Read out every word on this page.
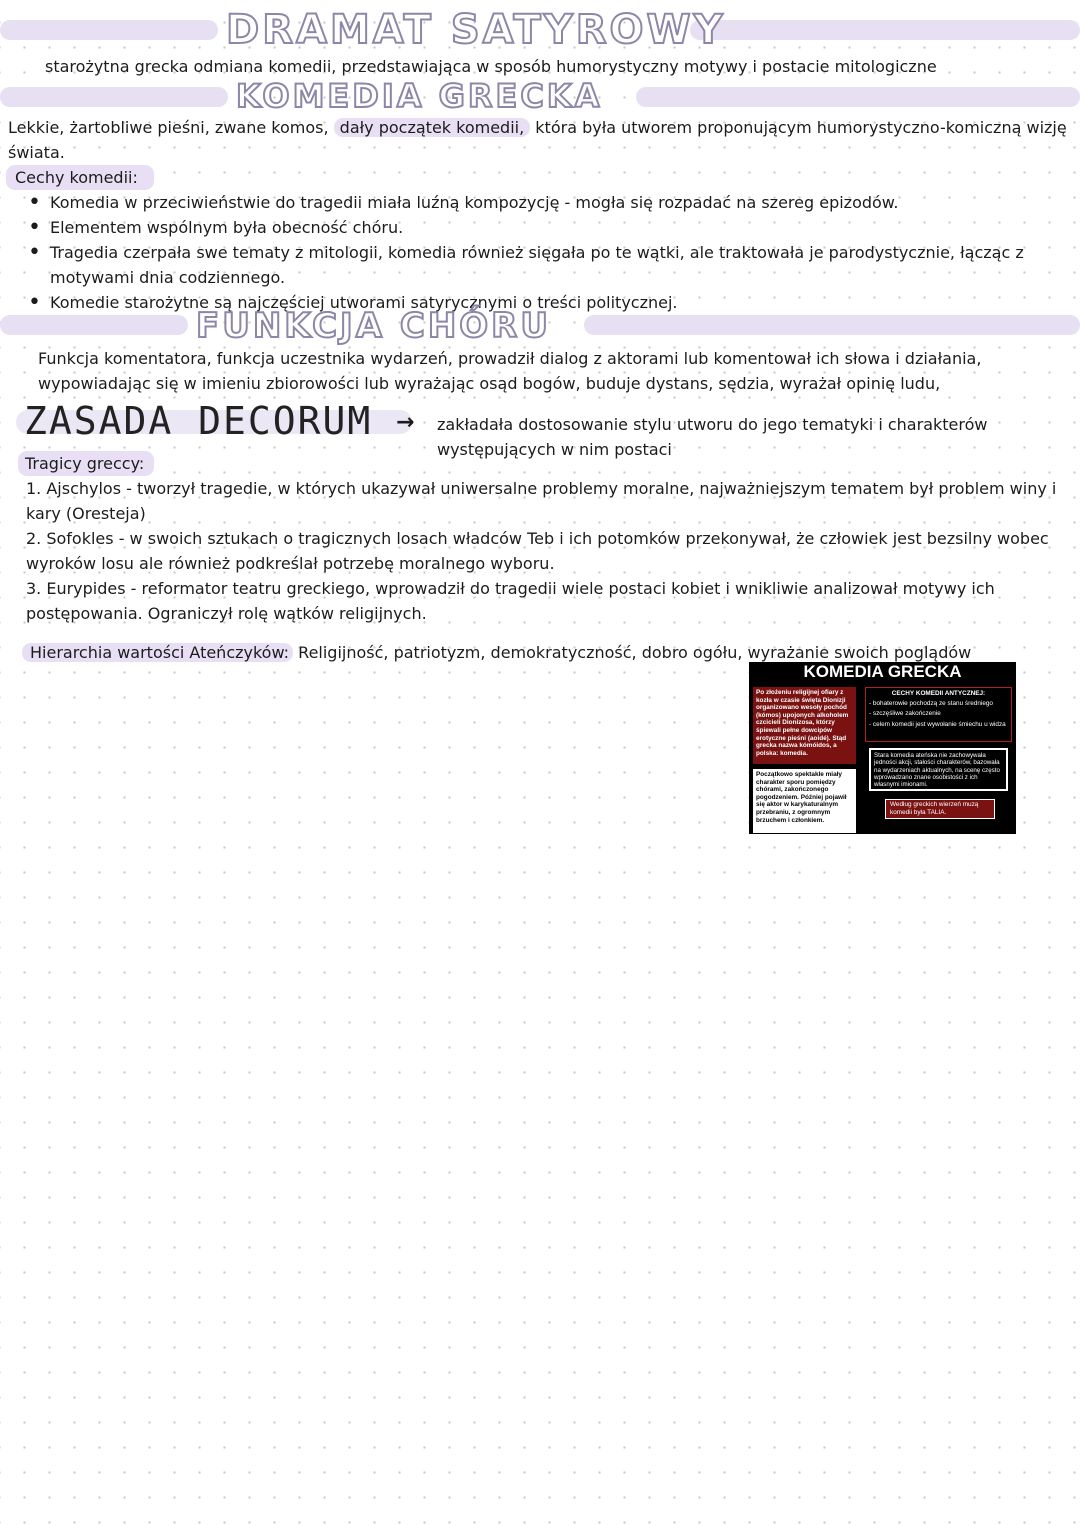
DRAMAT SATYROWY
starożytna grecka odmiana komedii, przedstawiająca w sposób humorystyczny motywy i postacie mitologiczne
KOMEDIA GRECKA
Lekkie, żartobliwe pieśni, zwane komos, dały początek komedii, która była utworem proponującym humorystyczno-komiczną wizję świata.
Cechy komedii:
• Komedia w przeciwieństwie do tragedii miała luźną kompozycję - mogła się rozpadać na szereg epizodów.
• Elementem wspólnym była obecność chóru.
• Tragedia czerpała swe tematy z mitologii, komedia również sięgała po te wątki, ale traktowała je parodystycznie, łącząc z motywami dnia codziennego.
• Komedie starożytne są najczęściej utworami satyrycznymi o treści politycznej.
FUNKCJA CHÓRU
Funkcja komentatora, funkcja uczestnika wydarzeń, prowadził dialog z aktorami lub komentował ich słowa i działania, wypowiadając się w imieniu zbiorowości lub wyrażając osąd bogów, buduje dystans, sędzia, wyrażał opinię ludu,
ZASADA DECORUM → zakładała dostosowanie stylu utworu do jego tematyki i charakterów występujących w nim postaci
Tragicy greccy:
1. Ajschylos - tworzył tragedie, w których ukazywał uniwersalne problemy moralne, najważniejszym tematem był problem winy i kary (Oresteja)
2. Sofokles - w swoich sztukach o tragicznych losach władców Teb i ich potomków przekonywał, że człowiek jest bezsilny wobec wyroków losu ale również podkreślał potrzebę moralnego wyboru.
3. Eurypides - reformator teatru greckiego, wprowadził do tragedii wiele postaci kobiet i wnikliwie analizował motywy ich postępowania. Ograniczył rolę wątków religijnych.
Hierarchia wartości Ateńczyków: Religijność, patriotyzm, demokratyczność, dobro ogółu, wyrażanie swoich poglądów
KOMEDIA GRECKA
Po złożeniu religijnej ofiary z kozła w czasie święta Dionizji organizowano wesoły pochód (kómos) upojonych alkoholem czcicieli Dionizosa, którzy śpiewali pełne dowcipów erotyczne pieśni (aoidé). Stąd grecka nazwa kómóidos, a polska: komedia.
Początkowo spektakle miały charakter sporu pomiędzy chórami, zakończonego pogodzeniem. Później pojawił się aktor w karykaturalnym przebraniu, z ogromnym brzuchem i członkiem.
CECHY KOMEDII ANTYCZNEJ:
- bohaterowie pochodzą ze stanu średniego
- szczęśliwe zakończenie
- celem komedii jest wywołanie śmiechu u widza
Stara komedia ateńska nie zachowywała jedności akcji, stałości charakterów, bazowała na wydarzeniach aktualnych, na scenę często wprowadzano znane osobistości z ich własnymi imionami.
Według greckich wierzeń muzą komedii była TALIA.
